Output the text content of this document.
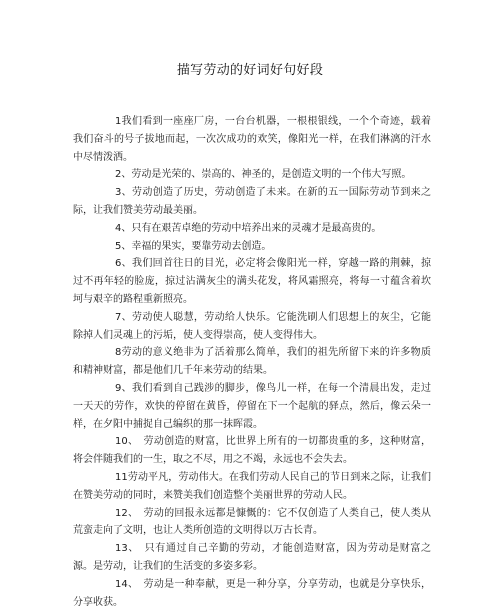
描写劳动的好词好句好段

1我们看到一座座厂房，一台台机器，一根根银线，一个个奇迹，载着我们奋斗的号子拔地而起，一次次成功的欢笑，像阳光一样，在我们淋漓的汗水中尽情泼洒。

2、劳动是光荣的、崇高的、神圣的，是创造文明的一个伟大写照。

3、劳动创造了历史，劳动创造了未来。在新的五一国际劳动节到来之际，让我们赞美劳动最美丽。

4、只有在艰苦卓绝的劳动中培养出来的灵魂才是最高贵的。

5、幸福的果实，要靠劳动去创造。

6、我们回首往日的目光，必定将会像阳光一样，穿越一路的荆棘，掠过不再年轻的脸庞，掠过沾满灰尘的满头花发，将风霜照亮，将每一寸蕴含着坎坷与艰辛的路程重新照亮。

7、劳动使人聪慧，劳动给人快乐。它能洗刷人们思想上的灰尘，它能除掉人们灵魂上的污垢，使人变得崇高，使人变得伟大。

8劳动的意义绝非为了活着那么简单，我们的祖先所留下来的许多物质和精神财富，都是他们几千年来劳动的结果。

9、我们看到自己践涉的脚步，像鸟儿一样，在每一个清晨出发，走过一天天的劳作，欢快的停留在黄昏，停留在下一个起航的驿点，然后，像云朵一样，在夕阳中捕捉自己编织的那一抹晖霞。

10、　劳动创造的财富，比世界上所有的一切都贵重的多，这种财富，将会伴随我们的一生，取之不尽，用之不竭，永远也不会失去。

11劳动平凡，劳动伟大。在我们劳动人民自己的节日到来之际，让我们在赞美劳动的同时，来赞美我们创造整个美丽世界的劳动人民。

12、　劳动的回报永远都是慷慨的：它不仅创造了人类自己，使人类从荒蛮走向了文明，也让人类所创造的文明得以万古长青。

13、　只有通过自己辛勤的劳动，才能创造财富，因为劳动是财富之源。是劳动，让我们的生活变的多姿多彩。

14、　劳动是一种奉献，更是一种分享，分享劳动，也就是分享快乐，分享收获。
